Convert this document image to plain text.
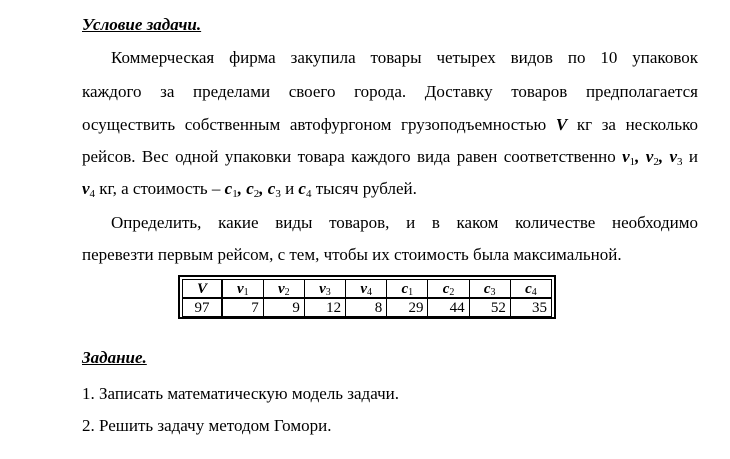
Условие задачи.
Коммерческая фирма закупила товары четырех видов по 10 упаковок
каждого за пределами своего города. Доставку товаров предполагается
осуществить собственным автофургоном грузоподъемностью V кг за несколько
рейсов. Вес одной упаковки товара каждого вида равен соответственно $v_1$, $v_2$, $v_3$ и
$v_4$ кг, а стоимость – $c_1$, $c_2$, $c_3$ и $c_4$ тысяч рублей.
Определить, какие виды товаров, и в каком количестве необходимо
перевезти первым рейсом, с тем, чтобы их стоимость была максимальной.
V	$v_1$	$v_2$	$v_3$	$v_4$	$c_1$	$c_2$	$c_3$	$c_4$
97	7	9	12	8	29	44	52	35
Задание.
1. Записать математическую модель задачи.
2. Решить задачу методом Гомори.
